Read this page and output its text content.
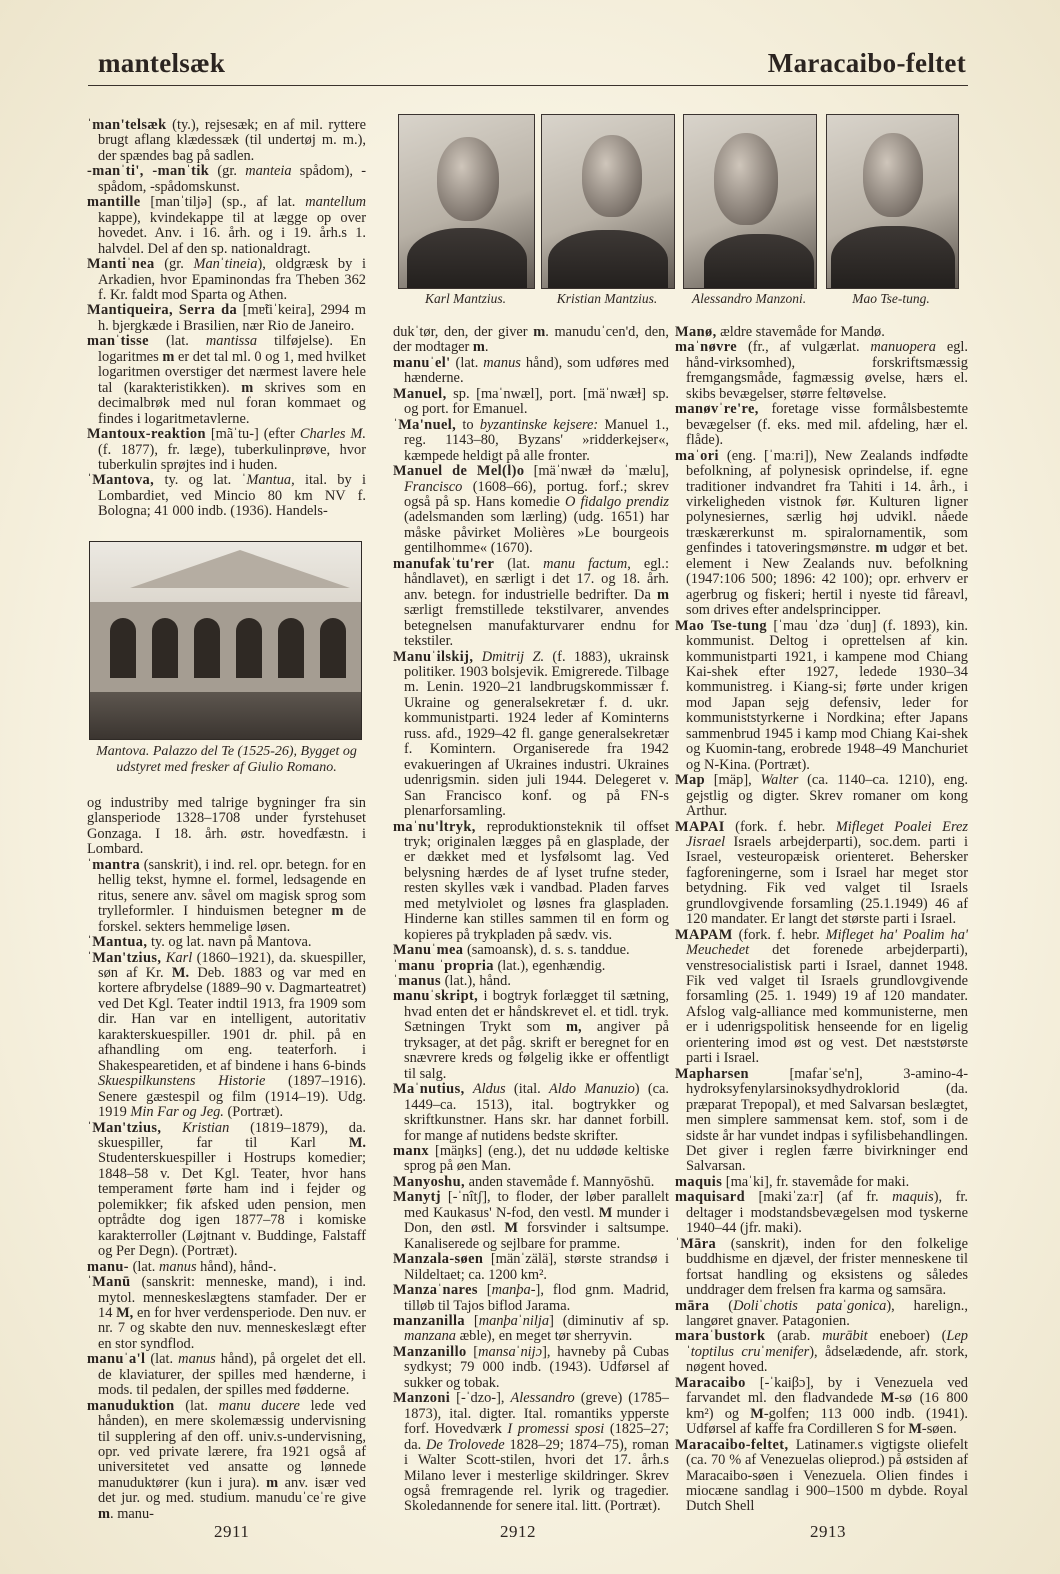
mantelsæk	Maracaibo-feltet

ˈman'telsæk (ty.), rejsesæk; en af mil. ryttere brugt aflang klædessæk (til undertøj m. m.), der spændes bag på sadlen.

-manˈti', -manˈtik (gr. manteia spådom), -spådom, -spådomskunst.

mantille [manˈtiljə] (sp., af lat. mantellum kappe), kvindekappe til at lægge op over hovedet. Anv. i 16. årh. og i 19. årh.s 1. halvdel. Del af den sp. nationaldragt.

Mantiˈnea (gr. Manˈtineia), oldgræsk by i Arkadien, hvor Epaminondas fra Theben 362 f. Kr. faldt mod Sparta og Athen.

Mantiqueira, Serra da [mɐ̃tiˈkeira], 2994 m h. bjergkæde i Brasilien, nær Rio de Janeiro.

manˈtisse (lat. mantissa tilføjelse). En logaritmes m er det tal ml. 0 og 1, med hvilket logaritmen overstiger det nærmest lavere hele tal (karakteristikken). m skrives som en decimalbrøk med nul foran kommaet og findes i logaritmetavlerne.

Mantoux-reaktion [mãˈtu-] (efter Charles M. (f. 1877), fr. læge), tuberkulinprøve, hvor tuberkulin sprøjtes ind i huden.

ˈMantova, ty. og lat. ˈMantua, ital. by i Lombardiet, ved Mincio 80 km NV f. Bologna; 41 000 indb. (1936). Handels-

Mantova. Palazzo del Te (1525-26), Bygget og udstyret med fresker af Giulio Romano.

og industriby med talrige bygninger fra sin glansperiode 1328–1708 under fyrstehuset Gonzaga. I 18. årh. østr. hovedfæstn. i Lombard.

ˈmantra (sanskrit), i ind. rel. opr. betegn. for en hellig tekst, hymne el. formel, ledsagende en ritus, senere anv. såvel om magisk sprog som trylleformler. I hinduismen betegner m de forskel. sekters hemmelige løsen.

ˈMantua, ty. og lat. navn på Mantova.

ˈMan'tzius, Karl (1860–1921), da. skuespiller, søn af Kr. M. Deb. 1883 og var med en kortere afbrydelse (1889–90 v. Dagmarteatret) ved Det Kgl. Teater indtil 1913, fra 1909 som dir. Han var en intelligent, autoritativ karakterskuespiller. 1901 dr. phil. på en afhandling om eng. teaterforh. i Shakespearetiden, et af bindene i hans 6-binds Skuespilkunstens Historie (1897–1916). Senere gæstespil og film (1914–19). Udg. 1919 Min Far og Jeg. (Portræt).

ˈMan'tzius, Kristian (1819–1879), da. skuespiller, far til Karl M. Studenterskuespiller i Hostrups komedier; 1848–58 v. Det Kgl. Teater, hvor hans temperament førte ham ind i fejder og polemikker; fik afsked uden pension, men optrådte dog igen 1877–78 i komiske karakterroller (Løjtnant v. Buddinge, Falstaff og Per Degn). (Portræt).

manu- (lat. manus hånd), hånd-.

ˈManū (sanskrit: menneske, mand), i ind. mytol. menneskeslægtens stamfader. Der er 14 M, en for hver verdensperiode. Den nuv. er nr. 7 og skabte den nuv. menneskeslægt efter en stor syndflod.

manuˈa'l (lat. manus hånd), på orgelet det ell. de klaviaturer, der spilles med hænderne, i mods. til pedalen, der spilles med fødderne.

manuduktion (lat. manu ducere lede ved hånden), en mere skolemæssig undervisning til supplering af den off. univ.s-undervisning, opr. ved private lærere, fra 1921 også af universitetet ved ansatte og lønnede manuduktører (kun i jura). m anv. især ved det jur. og med. studium. manuduˈceˈre give m. manu-

Karl Mantzius.	Kristian Mantzius.	Alessandro Manzoni.	Mao Tse-tung.

dukˈtør, den, der giver m. manuduˈcen'd, den, der modtager m.

manuˈel' (lat. manus hånd), som udføres med hænderne.

Manuel, sp. [maˈnwæl], port. [mäˈnwæɫ] sp. og port. for Emanuel.

ˈMa'nuel, to byzantinske kejsere: Manuel 1., reg. 1143–80, Byzans' »ridderkejser«, kæmpede heldigt på alle fronter.

Manuel de Mel(l)o [mäˈnwæɫ də ˈmælu], Francisco (1608–66), portug. forf.; skrev også på sp. Hans komedie O fidalgo prendiz (adelsmanden som lærling) (udg. 1651) har måske påvirket Molières »Le bourgeois gentilhomme« (1670).

manufakˈtu'rer (lat. manu factum, egl.: håndlavet), en særligt i det 17. og 18. årh. anv. betegn. for industrielle bedrifter. Da m særligt fremstillede tekstilvarer, anvendes betegnelsen manufakturvarer endnu for tekstiler.

Manuˈilskij, Dmitrij Z. (f. 1883), ukrainsk politiker. 1903 bolsjevik. Emigrerede. Tilbage m. Lenin. 1920–21 landbrugskommissær f. Ukraine og generalsekretær f. d. ukr. kommunistparti. 1924 leder af Kominterns russ. afd., 1929–42 fl. gange generalsekretær f. Komintern. Organiserede fra 1942 evakueringen af Ukraines industri. Ukraines udenrigsmin. siden juli 1944. Delegeret v. San Francisco konf. og på FN-s plenarforsamling.

maˈnu'ltryk, reproduktionsteknik til offset tryk; originalen lægges på en glasplade, der er dækket med et lysfølsomt lag. Ved belysning hærdes de af lyset trufne steder, resten skylles væk i vandbad. Pladen farves med metylviolet og løsnes fra glaspladen. Hinderne kan stilles sammen til en form og kopieres på trykpladen på sædv. vis.

Manuˈmea (samoansk), d. s. s. tanddue.

ˈmanu ˈpropria (lat.), egenhændig.

ˈmanus (lat.), hånd.

manuˈskript, i bogtryk forlægget til sætning, hvad enten det er håndskrevet el. et tidl. tryk. Sætningen Trykt som m, angiver på tryksager, at det påg. skrift er beregnet for en snævrere kreds og følgelig ikke er offentligt til salg.

Maˈnutius, Aldus (ital. Aldo Manuzio) (ca. 1449–ca. 1513), ital. bogtrykker og skriftkunstner. Hans skr. har dannet forbill. for mange af nutidens bedste skrifter.

manx [mäŋks] (eng.), det nu uddøde keltiske sprog på øen Man.

Manyoshu, anden stavemåde f. Mannyōshū.

Manytj [-ˈnîtʃ], to floder, der løber parallelt med Kaukasus' N-fod, den vestl. M munder i Don, den østl. M forsvinder i saltsumpe. Kanaliserede og sejlbare for pramme.

Manzala-søen [mänˈzälä], største strandsø i Nildeltaet; ca. 1200 km².

Manzaˈnares [manþa-], flod gnm. Madrid, tilløb til Tajos biflod Jarama.

manzanilla [manþaˈnilja] (diminutiv af sp. manzana æble), en meget tør sherryvin.

Manzanillo [mansaˈnijɔ], havneby på Cubas sydkyst; 79 000 indb. (1943). Udførsel af sukker og tobak.

Manzoni [-ˈdzo-], Alessandro (greve) (1785–1873), ital. digter. Ital. romantiks ypperste forf. Hovedværk I promessi sposi (1825–27; da. De Trolovede 1828–29; 1874–75), roman i Walter Scott-stilen, hvori det 17. årh.s Milano lever i mesterlige skildringer. Skrev også fremragende rel. lyrik og tragedier. Skoledannende for senere ital. litt. (Portræt).

Manø, ældre stavemåde for Mandø.

maˈnøvre (fr., af vulgærlat. manuopera egl. hånd-virksomhed), forskriftsmæssig fremgangsmåde, fagmæssig øvelse, hærs el. skibs bevægelser, større feltøvelse.

manøvˈre're, foretage visse formålsbestemte bevægelser (f. eks. med mil. afdeling, hær el. flåde).

maˈori (eng. [ˈmaːri]), New Zealands indfødte befolkning, af polynesisk oprindelse, if. egne traditioner indvandret fra Tahiti i 14. årh., i virkeligheden vistnok før. Kulturen ligner polynesiernes, særlig høj udvikl. nåede træskærerkunst m. spiralornamentik, som genfindes i tatoveringsmønstre. m udgør et bet. element i New Zealands nuv. befolkning (1947:106 500; 1896: 42 100); opr. erhverv er agerbrug og fiskeri; hertil i nyeste tid fåreavl, som drives efter andelsprincipper.

Mao Tse-tung [ˈmau ˈdzə ˈduŋ] (f. 1893), kin. kommunist. Deltog i oprettelsen af kin. kommunistparti 1921, i kampene mod Chiang Kai-shek efter 1927, ledede 1930–34 kommunistreg. i Kiang-si; førte under krigen mod Japan sejg defensiv, leder for kommuniststyrkerne i Nordkina; efter Japans sammenbrud 1945 i kamp mod Chiang Kai-shek og Kuomin-tang, erobrede 1948–49 Manchuriet og N-Kina. (Portræt).

Map [mäp], Walter (ca. 1140–ca. 1210), eng. gejstlig og digter. Skrev romaner om kong Arthur.

MAPAI (fork. f. hebr. Mifleget Poalei Erez Jisrael Israels arbejderparti), soc.dem. parti i Israel, vesteuropæisk orienteret. Behersker fagforeningerne, som i Israel har meget stor betydning. Fik ved valget til Israels grundlovgivende forsamling (25.1.1949) 46 af 120 mandater. Er langt det største parti i Israel.

MAPAM (fork. f. hebr. Mifleget ha' Poalim ha' Meuchedet det forenede arbejderparti), venstresocialistisk parti i Israel, dannet 1948. Fik ved valget til Israels grundlovgivende forsamling (25. 1. 1949) 19 af 120 mandater. Afslog valg-alliance med kommunisterne, men er i udenrigspolitisk henseende for en ligelig orientering imod øst og vest. Det næststørste parti i Israel.

Mapharsen [mafarˈse'n], 3-amino-4-hydroksyfenylarsinoksydhydroklorid (da. præparat Trepopal), et med Salvarsan beslægtet, men simplere sammensat kem. stof, som i de sidste år har vundet indpas i syfilisbehandlingen. Det giver i reglen færre bivirkninger end Salvarsan.

maquis [maˈki], fr. stavemåde for maki.

maquisard [makiˈzaːr] (af fr. maquis), fr. deltager i modstandsbevægelsen mod tyskerne 1940–44 (jfr. maki).

ˈMāra (sanskrit), inden for den folkelige buddhisme en djævel, der frister menneskene til fortsat handling og eksistens og således unddrager dem frelsen fra karma og samsāra.

māra (Doliˈchotis pataˈgonica), harelign., langøret gnaver. Patagonien.

maraˈbustork (arab. murābit eneboer) (Lepˈtoptilus cruˈmenifer), ådselædende, afr. stork, nøgent hoved.

Maracaibo [-ˈkaiβɔ], by i Venezuela ved farvandet ml. den fladvandede M-sø (16 800 km²) og M-golfen; 113 000 indb. (1941). Udførsel af kaffe fra Cordilleren S for M-søen.

Maracaibo-feltet, Latinamer.s vigtigste oliefelt (ca. 70 % af Venezuelas olieprod.) på østsiden af Maracaibo-søen i Venezuela. Olien findes i miocæne sandlag i 900–1500 m dybde. Royal Dutch Shell

2911	2912	2913
